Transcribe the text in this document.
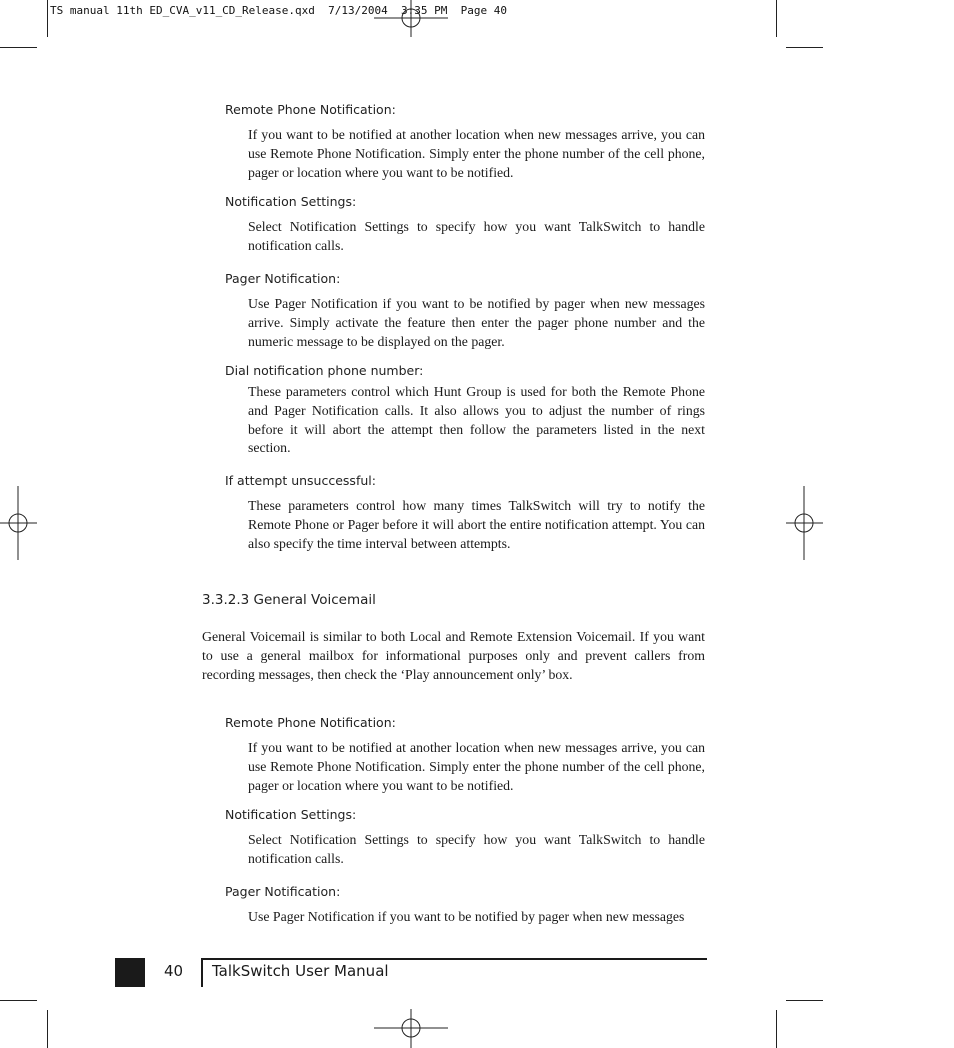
TS manual 11th ED_CVA_v11_CD_Release.qxd  7/13/2004  3:35 PM  Page 40
Remote Phone Notification:

If you want to be notified at another location when new messages arrive, you can use Remote Phone Notification. Simply enter the phone number of the cell phone, pager or location where you want to be notified.

Notification Settings:

Select Notification Settings to specify how you want TalkSwitch to handle notification calls.

Pager Notification:

Use Pager Notification if you want to be notified by pager when new messages arrive. Simply activate the feature then enter the pager phone number and the numeric message to be displayed on the pager.

Dial notification phone number:

These parameters control which Hunt Group is used for both the Remote Phone and Pager Notification calls. It also allows you to adjust the number of rings before it will abort the attempt then follow the parameters listed in the next section.

If attempt unsuccessful:

These parameters control how many times TalkSwitch will try to notify the Remote Phone or Pager before it will abort the entire notification attempt. You can also specify the time interval between attempts.

3.3.2.3 General Voicemail

General Voicemail is similar to both Local and Remote Extension Voicemail. If you want to use a general mailbox for informational purposes only and prevent callers from recording messages, then check the ‘Play announcement only’ box.

Remote Phone Notification:

If you want to be notified at another location when new messages arrive, you can use Remote Phone Notification. Simply enter the phone number of the cell phone, pager or location where you want to be notified.

Notification Settings:

Select Notification Settings to specify how you want TalkSwitch to handle notification calls.

Pager Notification:

Use Pager Notification if you want to be notified by pager when new messages

40 TalkSwitch User Manual
